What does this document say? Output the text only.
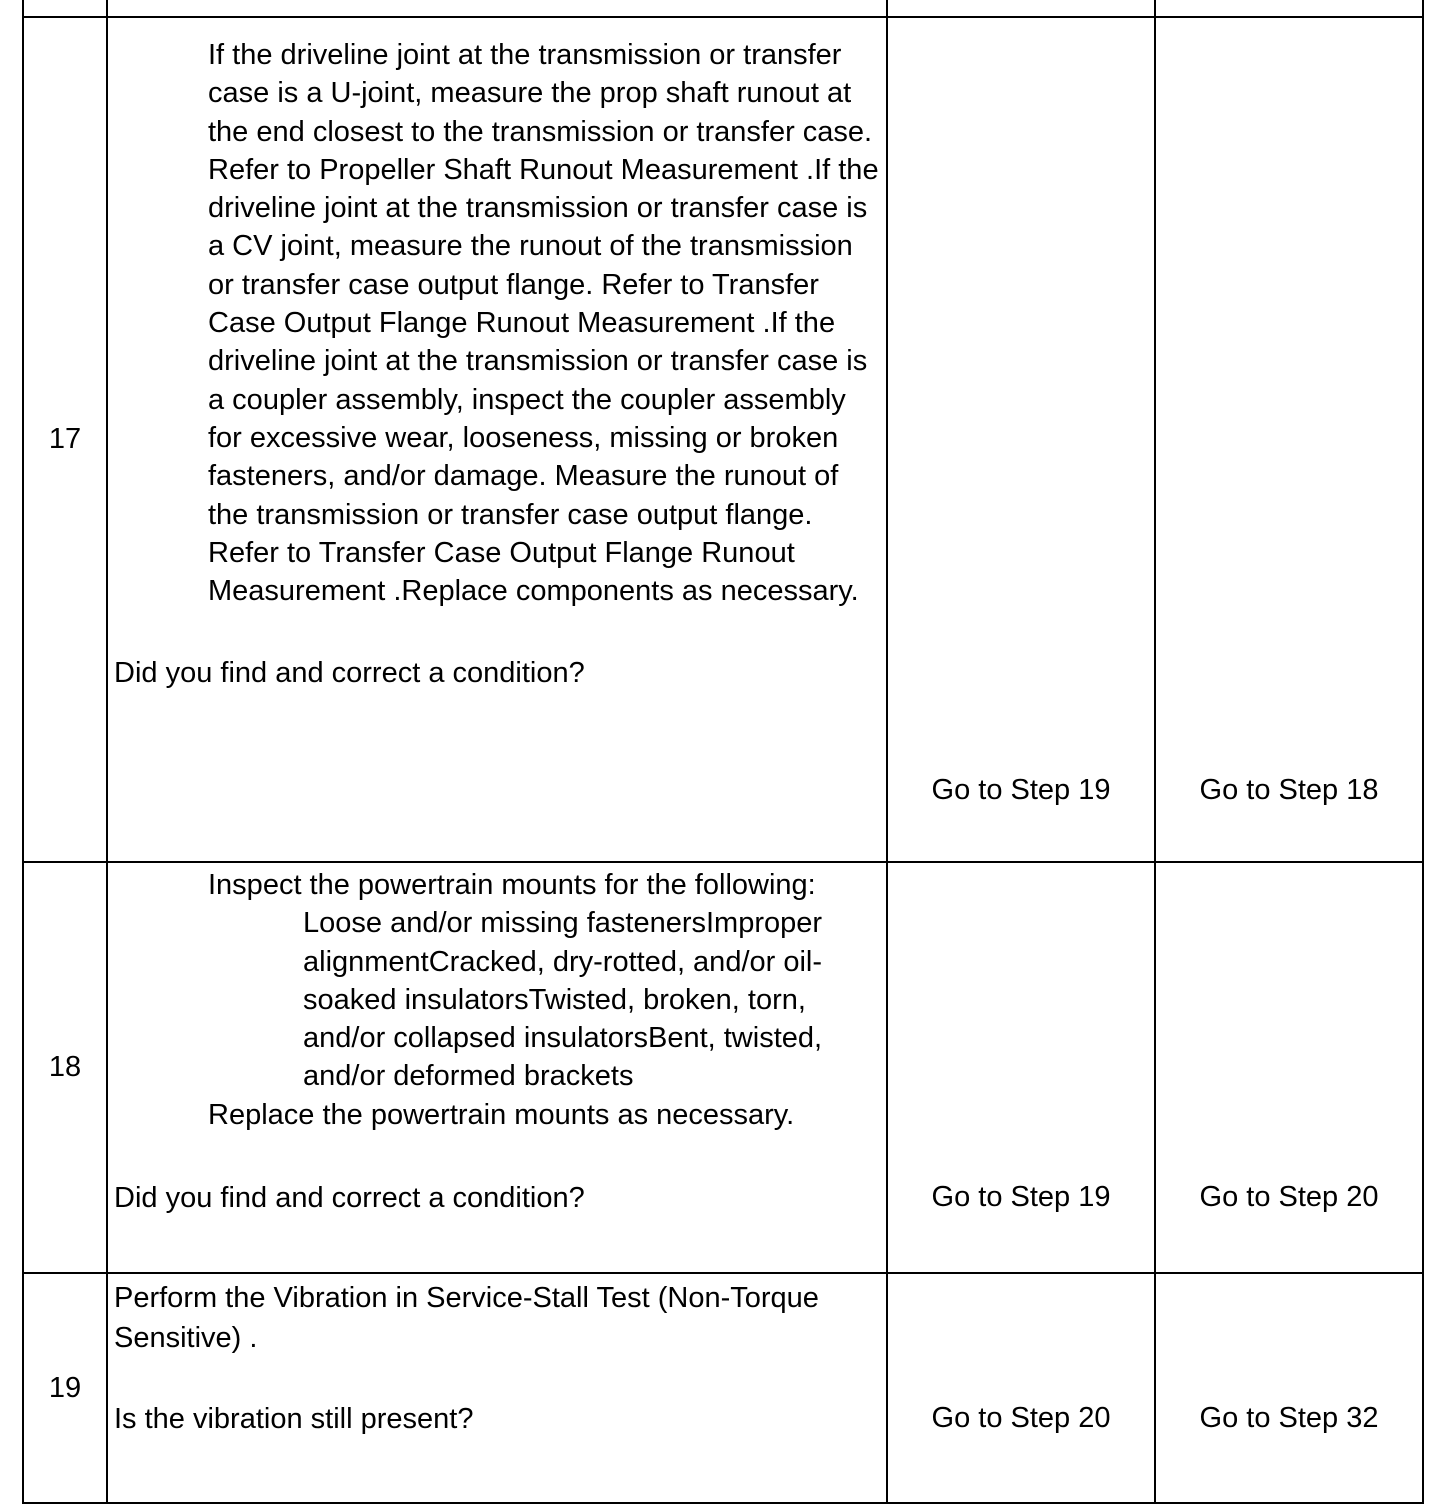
17	If the driveline joint at the transmission or transfer case is a U-joint, measure the prop shaft runout at the end closest to the transmission or transfer case. Refer to Propeller Shaft Runout Measurement .If the driveline joint at the transmission or transfer case is a CV joint, measure the runout of the transmission or transfer case output flange. Refer to Transfer Case Output Flange Runout Measurement .If the driveline joint at the transmission or transfer case is a coupler assembly, inspect the coupler assembly for excessive wear, looseness, missing or broken fasteners, and/or damage. Measure the runout of the transmission or transfer case output flange. Refer to Transfer Case Output Flange Runout Measurement .Replace components as necessary.
Did you find and correct a condition?	Go to Step 19	Go to Step 18

18	Inspect the powertrain mounts for the following:
Loose and/or missing fastenersImproper alignmentCracked, dry-rotted, and/or oil-soaked insulatorsTwisted, broken, torn, and/or collapsed insulatorsBent, twisted, and/or deformed brackets
Replace the powertrain mounts as necessary.
Did you find and correct a condition?	Go to Step 19	Go to Step 20

19	Perform the Vibration in Service-Stall Test (Non-Torque Sensitive) .
Is the vibration still present?	Go to Step 20	Go to Step 32
